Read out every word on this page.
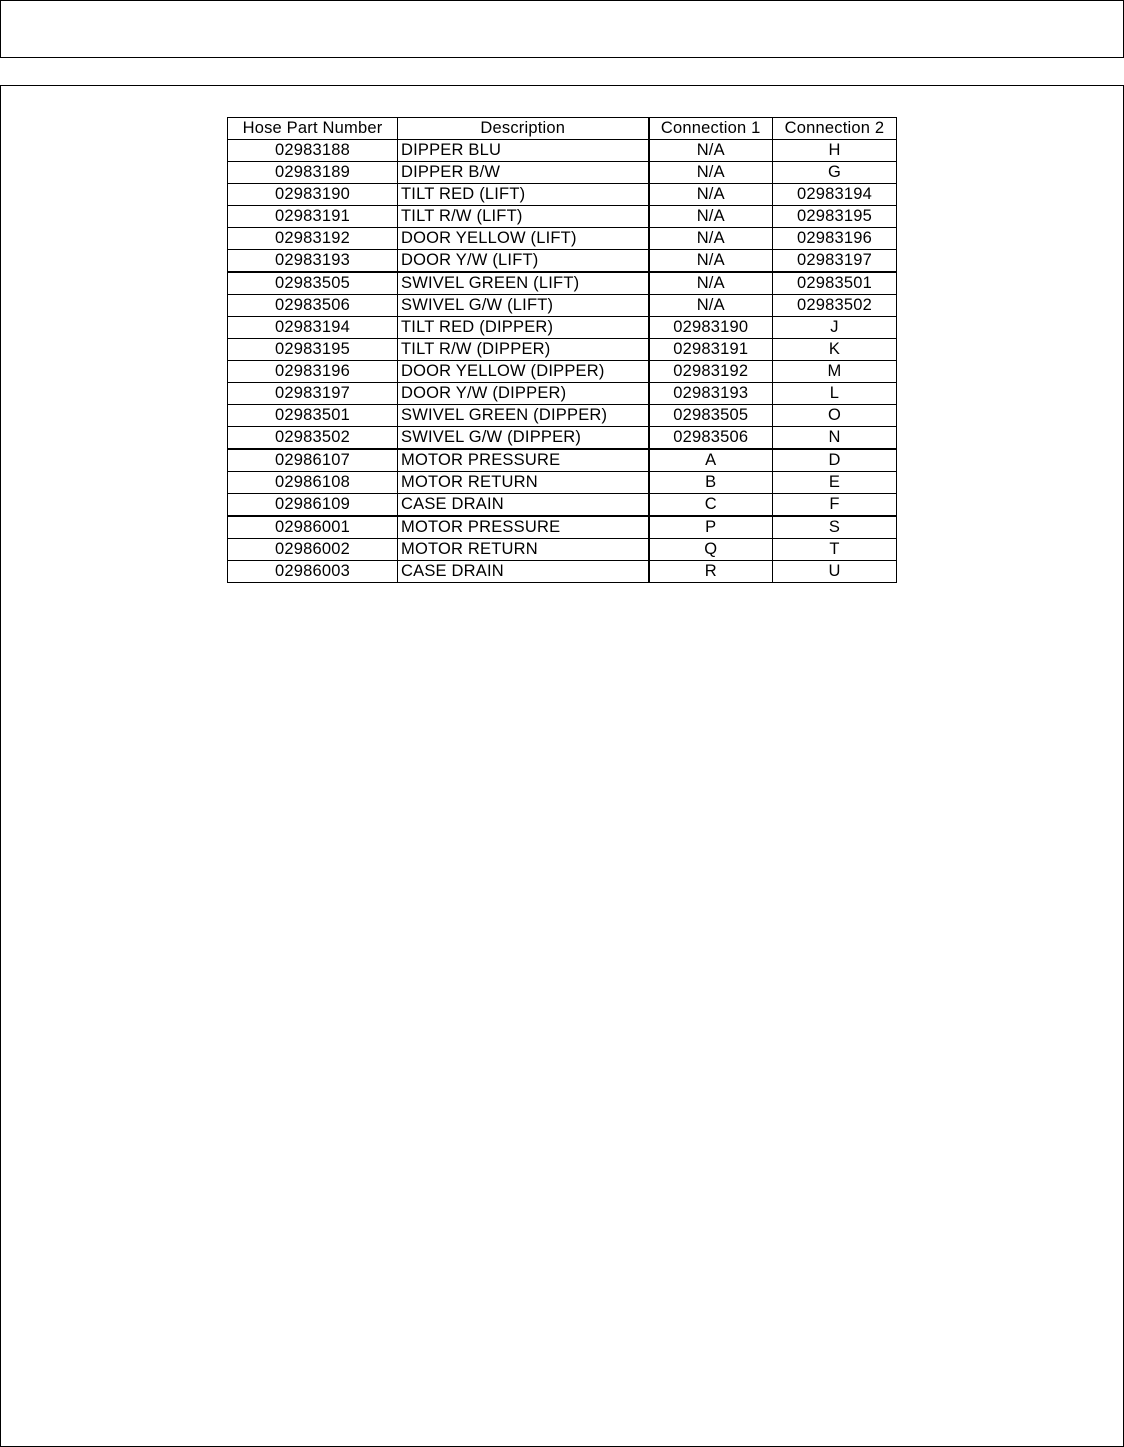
Hose Part Number	Description	Connection 1	Connection 2
02983188	DIPPER BLU	N/A	H
02983189	DIPPER B/W	N/A	G
02983190	TILT RED (LIFT)	N/A	02983194
02983191	TILT R/W (LIFT)	N/A	02983195
02983192	DOOR YELLOW (LIFT)	N/A	02983196
02983193	DOOR Y/W (LIFT)	N/A	02983197
02983505	SWIVEL GREEN (LIFT)	N/A	02983501
02983506	SWIVEL G/W (LIFT)	N/A	02983502
02983194	TILT RED (DIPPER)	02983190	J
02983195	TILT R/W (DIPPER)	02983191	K
02983196	DOOR YELLOW (DIPPER)	02983192	M
02983197	DOOR Y/W (DIPPER)	02983193	L
02983501	SWIVEL GREEN (DIPPER)	02983505	O
02983502	SWIVEL G/W (DIPPER)	02983506	N
02986107	MOTOR PRESSURE	A	D
02986108	MOTOR RETURN	B	E
02986109	CASE DRAIN	C	F
02986001	MOTOR PRESSURE	P	S
02986002	MOTOR RETURN	Q	T
02986003	CASE DRAIN	R	U
